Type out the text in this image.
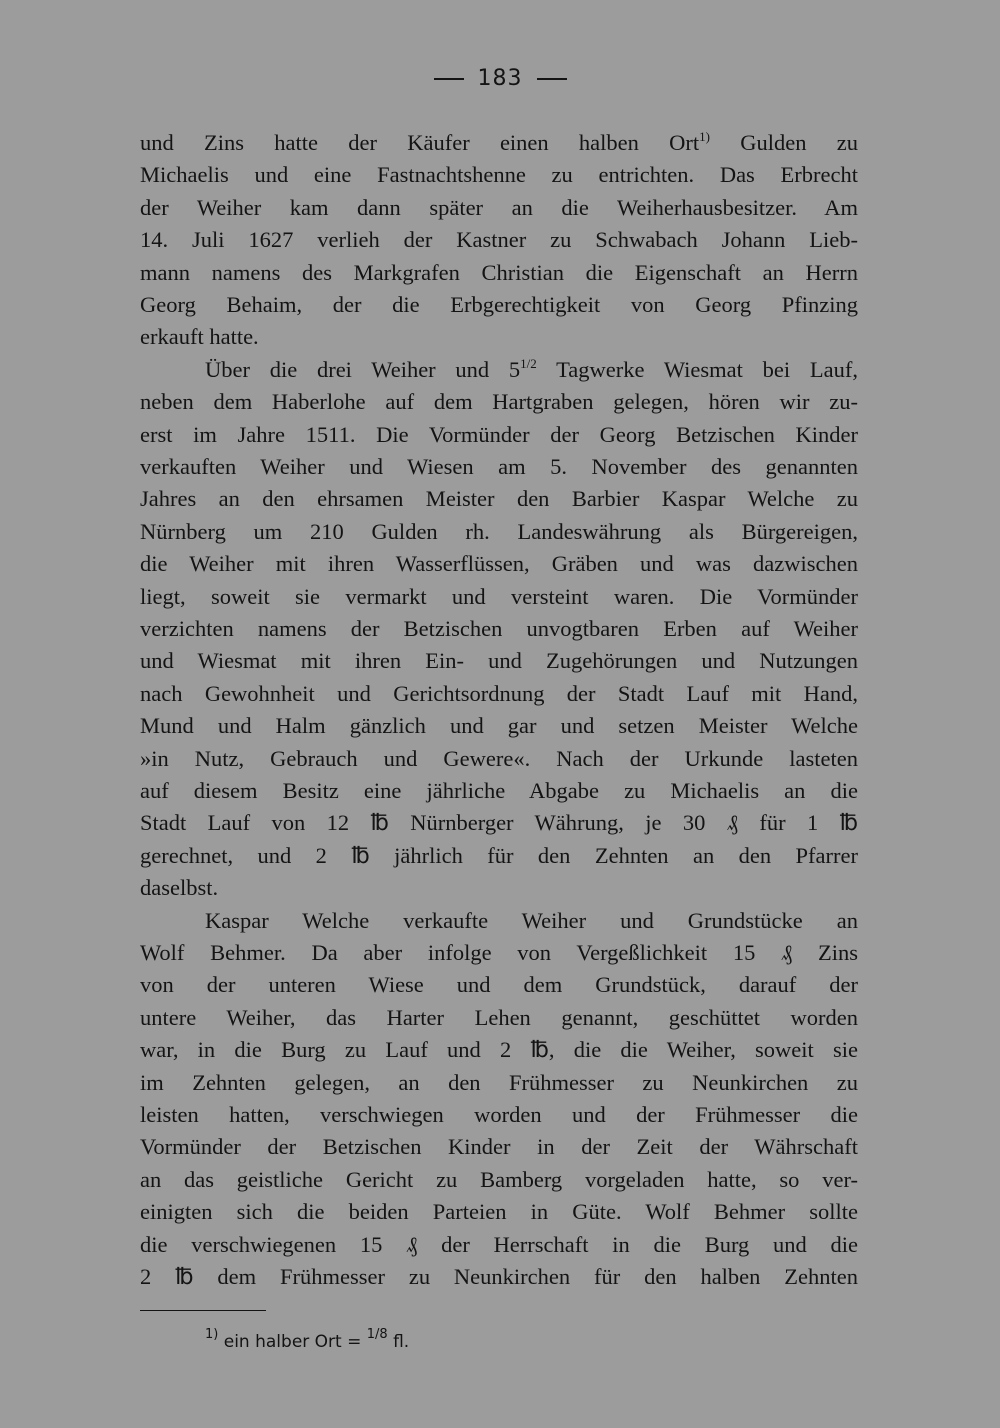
183
und Zins hatte der Käufer einen halben Ort$^{1)}$ Gulden zu
Michaelis und eine Fastnachtshenne zu entrichten. Das Erbrecht
der Weiher kam dann später an die Weiherhausbesitzer. Am
14. Juli 1627 verlieh der Kastner zu Schwabach Johann Lieb-
mann namens des Markgrafen Christian die Eigenschaft an Herrn
Georg Behaim, der die Erbgerechtigkeit von Georg Pfinzing
erkauft hatte.
Über die drei Weiher und $5^{1/2}$ Tagwerke Wiesmat bei Lauf,
neben dem Haberlohe auf dem Hartgraben gelegen, hören wir zu-
erst im Jahre 1511. Die Vormünder der Georg Betzischen Kinder
verkauften Weiher und Wiesen am 5. November des genannten
Jahres an den ehrsamen Meister den Barbier Kaspar Welche zu
Nürnberg um 210 Gulden rh. Landeswährung als Bürgereigen,
die Weiher mit ihren Wasserflüssen, Gräben und was dazwischen
liegt, soweit sie vermarkt und versteint waren. Die Vormünder
verzichten namens der Betzischen unvogtbaren Erben auf Weiher
und Wiesmat mit ihren Ein- und Zugehörungen und Nutzungen
nach Gewohnheit und Gerichtsordnung der Stadt Lauf mit Hand,
Mund und Halm gänzlich und gar und setzen Meister Welche
»in Nutz, Gebrauch und Gewere«. Nach der Urkunde lasteten
auf diesem Besitz eine jährliche Abgabe zu Michaelis an die
Stadt Lauf von 12 ℔ Nürnberger Währung, je 30 ₰ für 1 ℔
gerechnet, und 2 ℔ jährlich für den Zehnten an den Pfarrer
daselbst.
Kaspar Welche verkaufte Weiher und Grundstücke an
Wolf Behmer. Da aber infolge von Vergeßlichkeit 15 ₰ Zins
von der unteren Wiese und dem Grundstück, darauf der
untere Weiher, das Harter Lehen genannt, geschüttet worden
war, in die Burg zu Lauf und 2 ℔, die die Weiher, soweit sie
im Zehnten gelegen, an den Frühmesser zu Neunkirchen zu
leisten hatten, verschwiegen worden und der Frühmesser die
Vormünder der Betzischen Kinder in der Zeit der Währschaft
an das geistliche Gericht zu Bamberg vorgeladen hatte, so ver-
einigten sich die beiden Parteien in Güte. Wolf Behmer sollte
die verschwiegenen 15 ₰ der Herrschaft in die Burg und die
2 ℔ dem Frühmesser zu Neunkirchen für den halben Zehnten
$^{1)}$ ein halber Ort = $^{1/8}$ fl.
